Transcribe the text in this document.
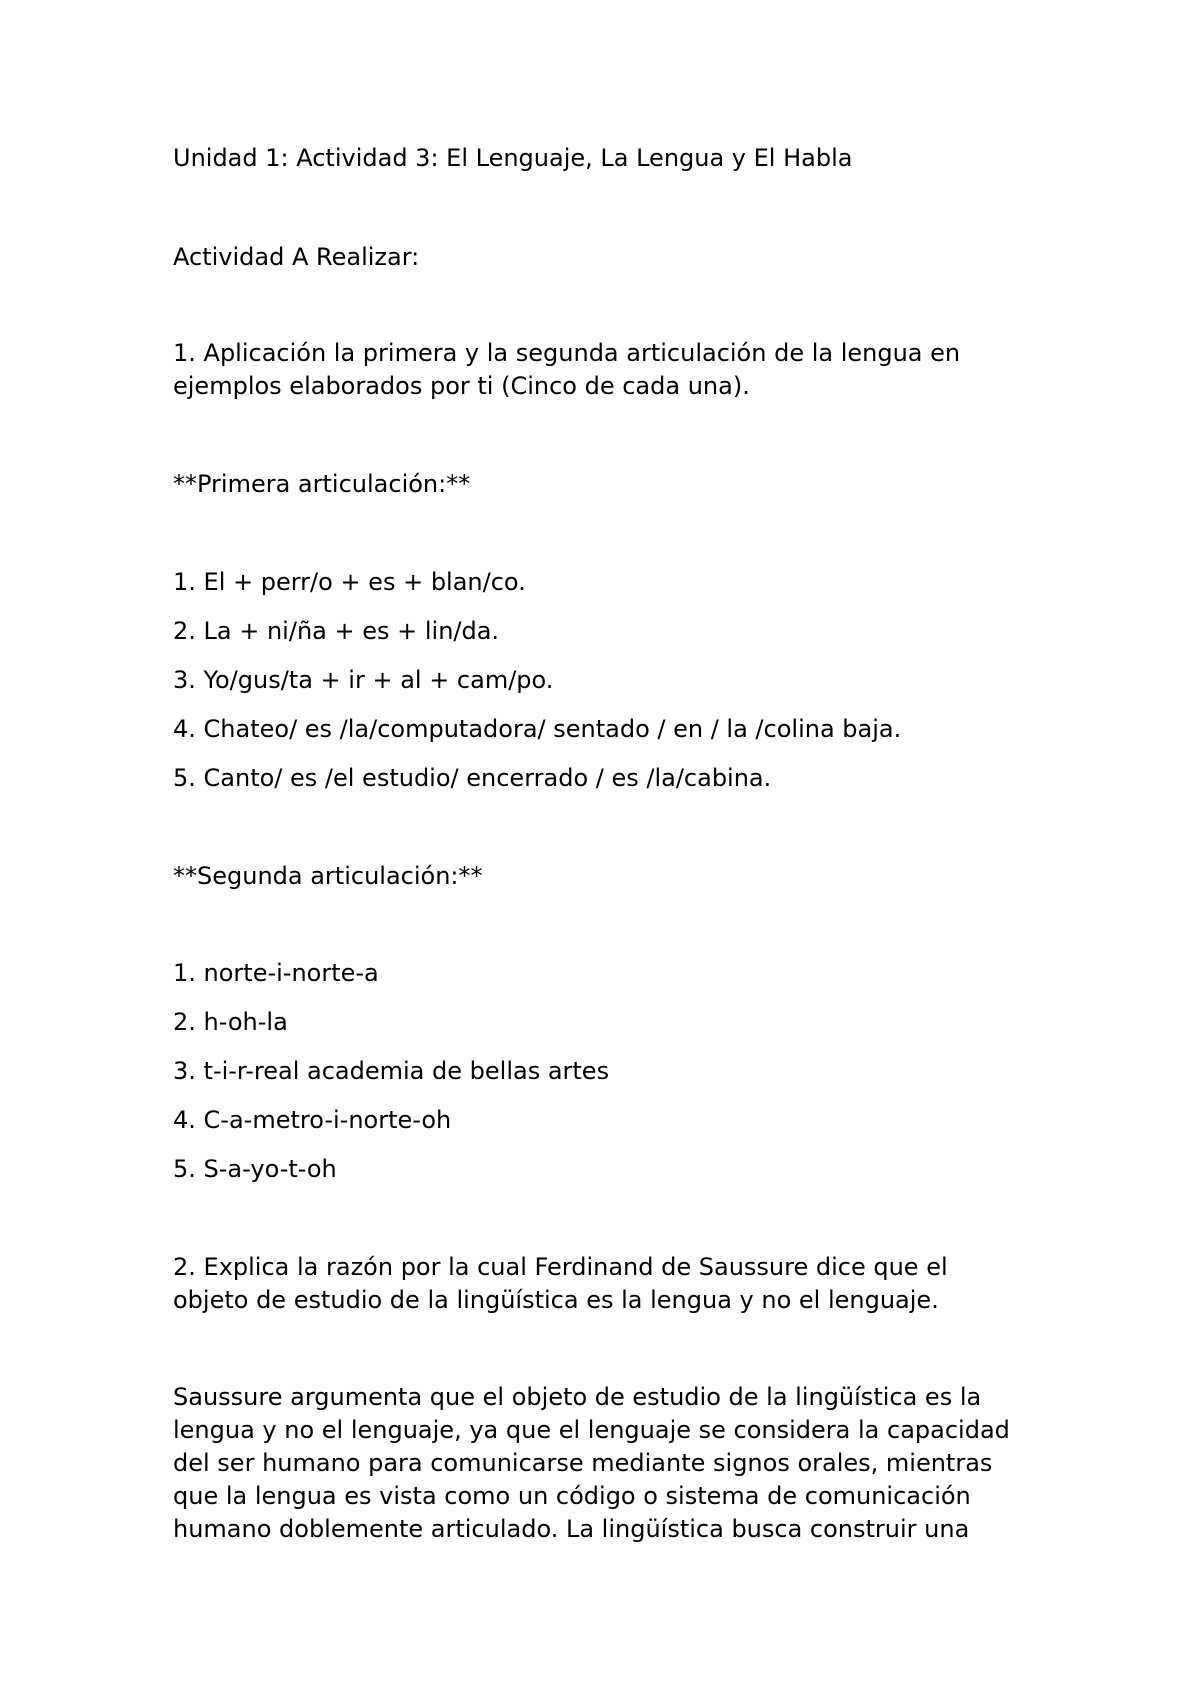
Unidad 1: Actividad 3: El Lenguaje, La Lengua y El Habla

Actividad A Realizar:

1. Aplicación la primera y la segunda articulación de la lengua en
ejemplos elaborados por ti (Cinco de cada una).

**Primera articulación:**

1. El + perr/o + es + blan/co.

2. La + ni/ña + es + lin/da.

3. Yo/gus/ta + ir + al + cam/po.

4. Chateo/ es /la/computadora/ sentado / en / la /colina baja.

5. Canto/ es /el estudio/ encerrado / es /la/cabina.

**Segunda articulación:**

1. norte-i-norte-a

2. h-oh-la

3. t-i-r-real academia de bellas artes

4. C-a-metro-i-norte-oh

5. S-a-yo-t-oh

2. Explica la razón por la cual Ferdinand de Saussure dice que el
objeto de estudio de la lingüística es la lengua y no el lenguaje.
Saussure argumenta que el objeto de estudio de la lingüística es la
lengua y no el lenguaje, ya que el lenguaje se considera la capacidad
del ser humano para comunicarse mediante signos orales, mientras
que la lengua es vista como un código o sistema de comunicación
humano doblemente articulado. La lingüística busca construir una
